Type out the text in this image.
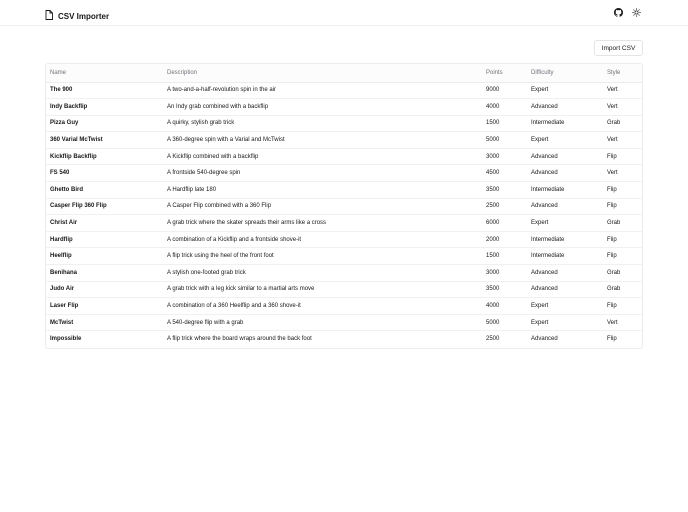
CSV Importer
Import CSV
Name	Description	Points	Difficulty	Style
The 900	A two-and-a-half-revolution spin in the air	9000	Expert	Vert
Indy Backflip	An Indy grab combined with a backflip	4000	Advanced	Vert
Pizza Guy	A quirky, stylish grab trick	1500	Intermediate	Grab
360 Varial McTwist	A 360-degree spin with a Varial and McTwist	5000	Expert	Vert
Kickflip Backflip	A Kickflip combined with a backflip	3000	Advanced	Flip
FS 540	A frontside 540-degree spin	4500	Advanced	Vert
Ghetto Bird	A Hardflip late 180	3500	Intermediate	Flip
Casper Flip 360 Flip	A Casper Flip combined with a 360 Flip	2500	Advanced	Flip
Christ Air	A grab trick where the skater spreads their arms like a cross	6000	Expert	Grab
Hardflip	A combination of a Kickflip and a frontside shove-it	2000	Intermediate	Flip
Heelflip	A flip trick using the heel of the front foot	1500	Intermediate	Flip
Benihana	A stylish one-footed grab trick	3000	Advanced	Grab
Judo Air	A grab trick with a leg kick similar to a martial arts move	3500	Advanced	Grab
Laser Flip	A combination of a 360 Heelflip and a 360 shove-it	4000	Expert	Flip
McTwist	A 540-degree flip with a grab	5000	Expert	Vert
Impossible	A flip trick where the board wraps around the back foot	2500	Advanced	Flip
